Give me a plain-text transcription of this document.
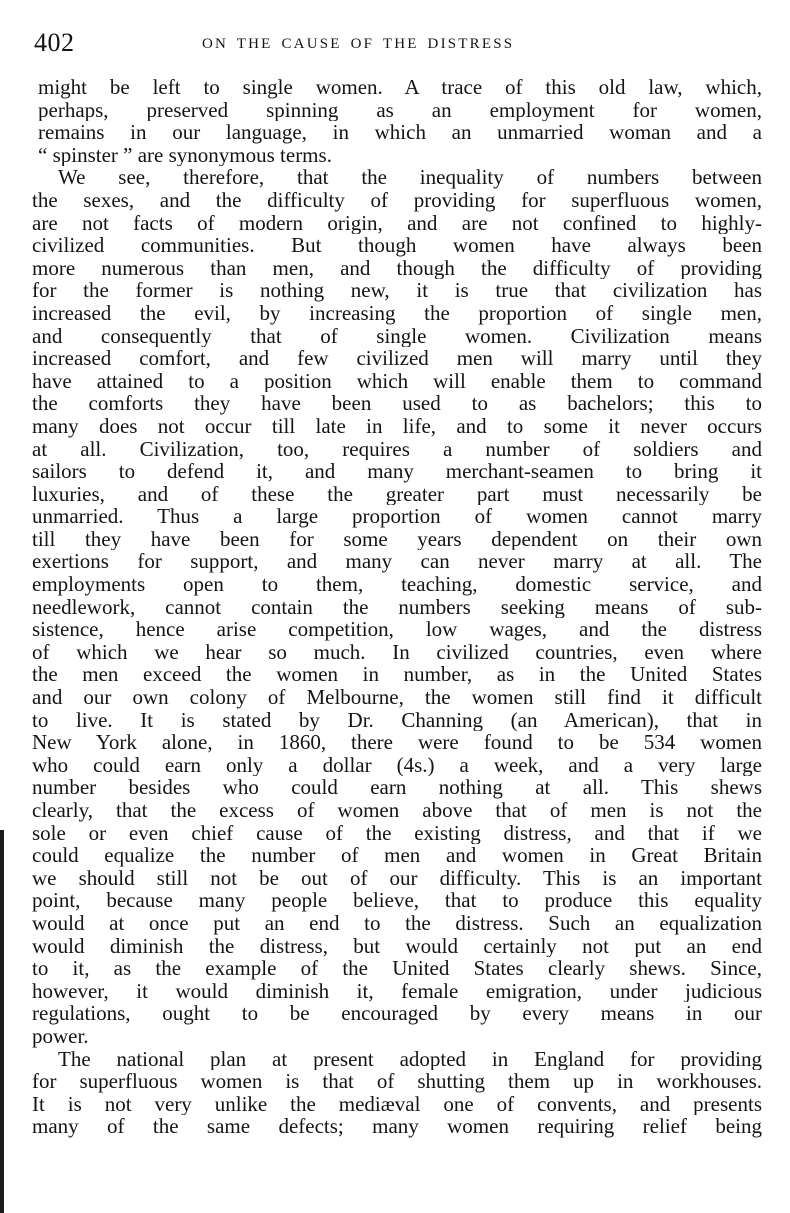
402	ON THE CAUSE OF THE DISTRESS
might be left to single women. A trace of this old law, which,
perhaps, preserved spinning as an employment for women,
remains in our language, in which an unmarried woman and a
“ spinster ” are synonymous terms.
We see, therefore, that the inequality of numbers between
the sexes, and the difficulty of providing for superfluous women,
are not facts of modern origin, and are not confined to highly-
civilized communities. But though women have always been
more numerous than men, and though the difficulty of providing
for the former is nothing new, it is true that civilization has
increased the evil, by increasing the proportion of single men,
and consequently that of single women. Civilization means
increased comfort, and few civilized men will marry until they
have attained to a position which will enable them to command
the comforts they have been used to as bachelors; this to
many does not occur till late in life, and to some it never occurs
at all. Civilization, too, requires a number of soldiers and
sailors to defend it, and many merchant-seamen to bring it
luxuries, and of these the greater part must necessarily be
unmarried. Thus a large proportion of women cannot marry
till they have been for some years dependent on their own
exertions for support, and many can never marry at all. The
employments open to them, teaching, domestic service, and
needlework, cannot contain the numbers seeking means of sub-
sistence, hence arise competition, low wages, and the distress
of which we hear so much. In civilized countries, even where
the men exceed the women in number, as in the United States
and our own colony of Melbourne, the women still find it difficult
to live. It is stated by Dr. Channing (an American), that in
New York alone, in 1860, there were found to be 534 women
who could earn only a dollar (4s.) a week, and a very large
number besides who could earn nothing at all. This shews
clearly, that the excess of women above that of men is not the
sole or even chief cause of the existing distress, and that if we
could equalize the number of men and women in Great Britain
we should still not be out of our difficulty. This is an important
point, because many people believe, that to produce this equality
would at once put an end to the distress. Such an equalization
would diminish the distress, but would certainly not put an end
to it, as the example of the United States clearly shews. Since,
however, it would diminish it, female emigration, under judicious
regulations, ought to be encouraged by every means in our
power.
The national plan at present adopted in England for providing
for superfluous women is that of shutting them up in workhouses.
It is not very unlike the mediæval one of convents, and presents
many of the same defects; many women requiring relief being
